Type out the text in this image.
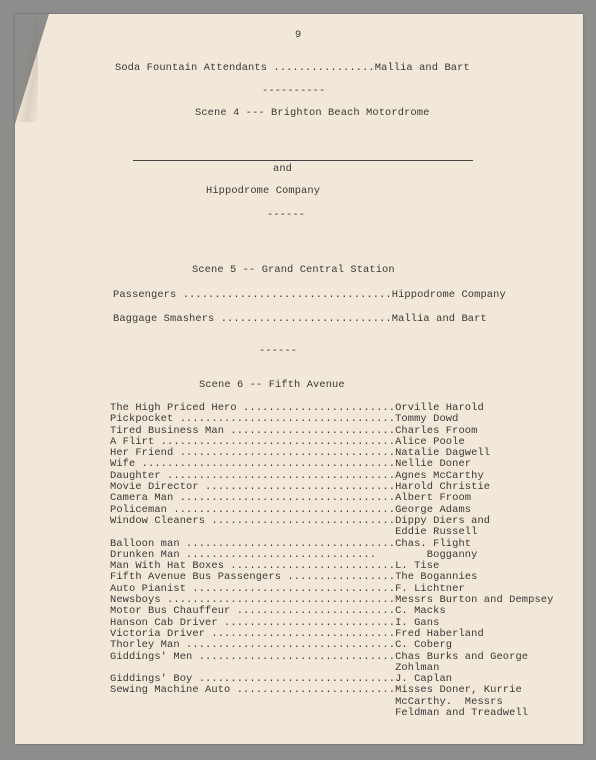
9
Soda Fountain Attendants ................Mallia and Bart
----------
Scene 4 --- Brighton Beach Motordrome
and
Hippodrome Company
------
Scene 5 -- Grand Central Station
Passengers .................................Hippodrome Company
Baggage Smashers ...........................Mallia and Bart
------
Scene 6 -- Fifth Avenue
The High Priced Hero ........................Orville Harold
Pickpocket ..................................Tommy Dowd
Tired Business Man ..........................Charles Froom
A Flirt .....................................Alice Poole
Her Friend ..................................Natalie Dagwell
Wife ........................................Nellie Doner
Daughter ....................................Agnes McCarthy
Movie Director ..............................Harold Christie
Camera Man ..................................Albert Froom
Policeman ...................................George Adams
Window Cleaners .............................Dippy Diers and
Eddie Russell
Balloon man .................................Chas. Flight
Drunken Man ..............................        Bogganny
Man With Hat Boxes ..........................L. Tise
Fifth Avenue Bus Passengers .................The Bogannies
Auto Pianist ................................F. Lichtner
Newsboys ....................................Messrs Burton and Dempsey
Motor Bus Chauffeur .........................C. Macks
Hanson Cab Driver ...........................I. Gans
Victoria Driver .............................Fred Haberland
Thorley Man .................................C. Coberg
Giddings' Men ...............................Chas Burks and George
Zohlman
Giddings' Boy ...............................J. Caplan
Sewing Machine Auto .........................Misses Doner, Kurrie
McCarthy.  Messrs
Feldman and Treadwell
